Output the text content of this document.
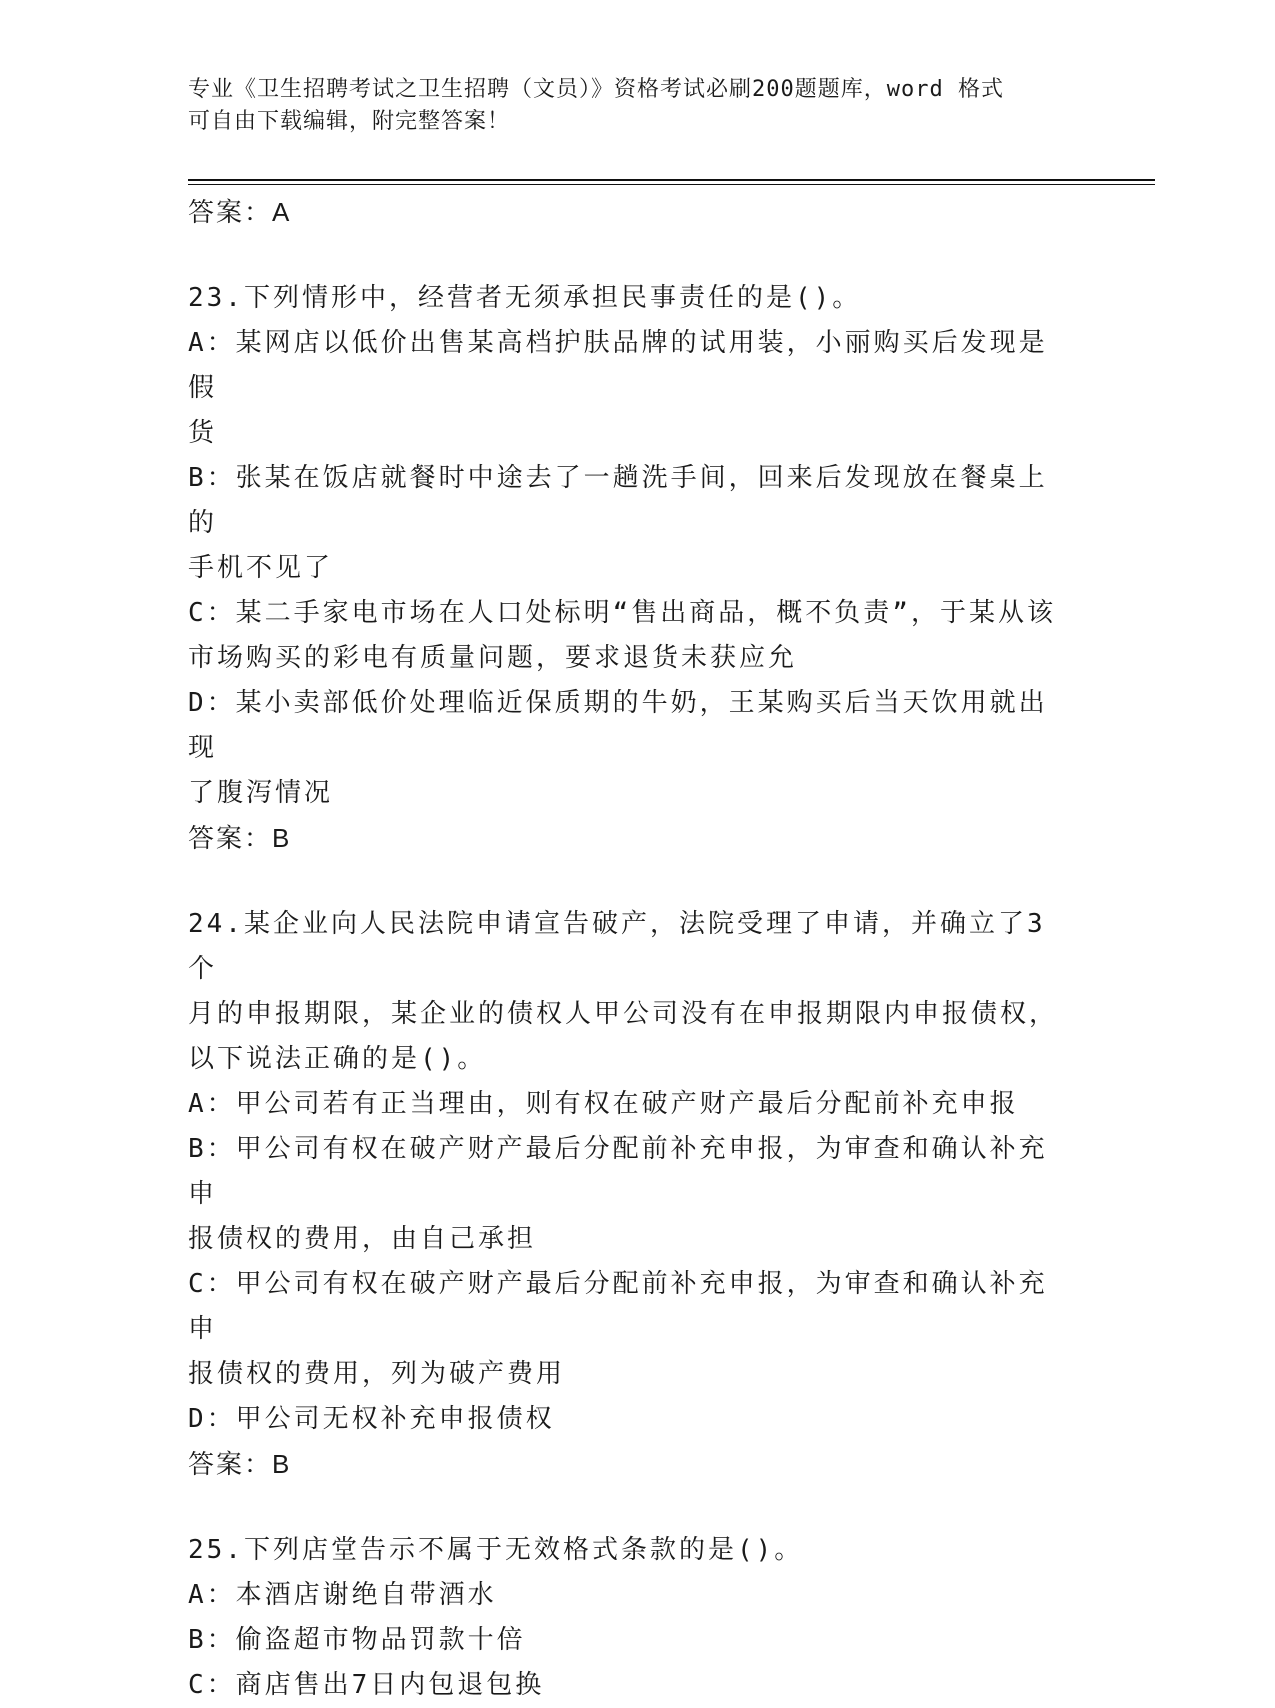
专业《卫生招聘考试之卫生招聘（文员）》资格考试必刷200题题库，word 格式
可自由下载编辑，附完整答案！

答案：A

23.下列情形中，经营者无须承担民事责任的是()。

A：某网店以低价出售某高档护肤品牌的试用装，小丽购买后发现是假

货

B：张某在饭店就餐时中途去了一趟洗手间，回来后发现放在餐桌上的

手机不见了

C：某二手家电市场在人口处标明“售出商品，概不负责”，于某从该

市场购买的彩电有质量问题，要求退货未获应允

D：某小卖部低价处理临近保质期的牛奶，王某购买后当天饮用就出现

了腹泻情况

答案：B

24.某企业向人民法院申请宣告破产，法院受理了申请，并确立了3个

月的申报期限，某企业的债权人甲公司没有在申报期限内申报债权，

以下说法正确的是()。

A：甲公司若有正当理由，则有权在破产财产最后分配前补充申报

B：甲公司有权在破产财产最后分配前补充申报，为审查和确认补充申

报债权的费用，由自己承担

C：甲公司有权在破产财产最后分配前补充申报，为审查和确认补充申

报债权的费用，列为破产费用

D：甲公司无权补充申报债权

答案：B

25.下列店堂告示不属于无效格式条款的是()。

A：本酒店谢绝自带酒水

B：偷盗超市物品罚款十倍

C：商店售出7日内包退包换
